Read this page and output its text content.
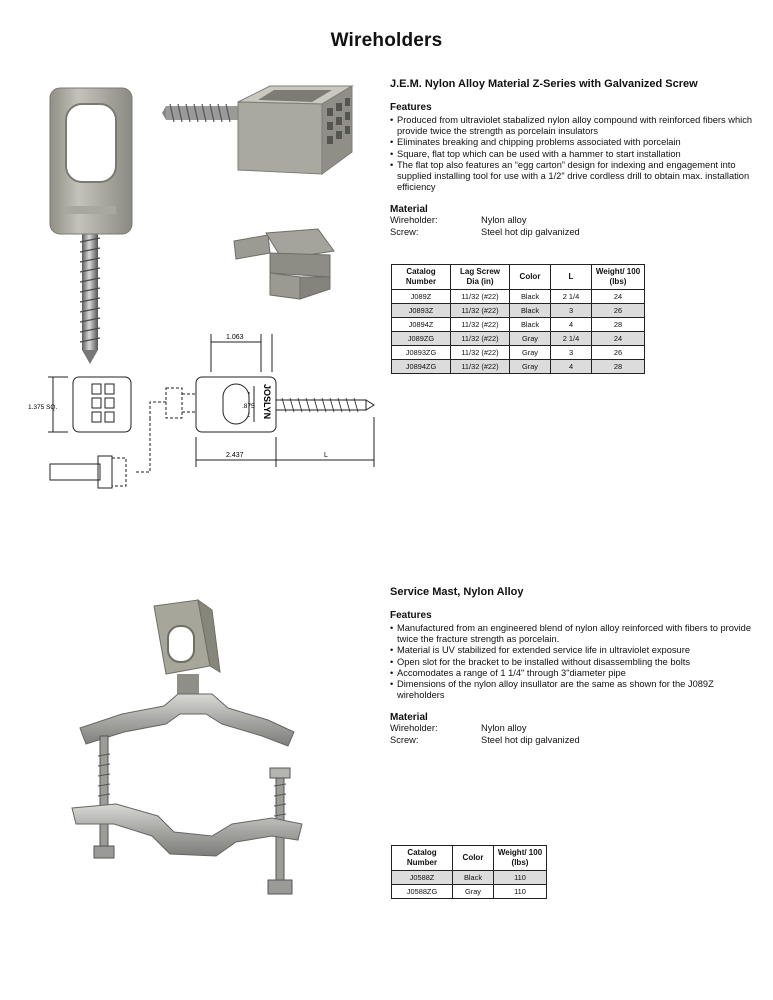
Wireholders
1.063
1.375 SQ.	.875
2.437	L
JOSLYN
J.E.M. Nylon Alloy Material Z-Series with Galvanized Screw
Features
• Produced from ultraviolet stabalized nylon alloy compound with reinforced fibers which provide twice the strength as porcelain insulators
• Eliminates breaking and chipping problems associated with porcelain
• Square, flat top which can be used with a hammer to start installation
• The flat top also features an “egg carton” design for indexing and engagement into supplied installing tool for use with a 1/2" drive cordless drill to obtain max. installation efficiency
Material
Wireholder:	Nylon alloy
Screw:	Steel hot dip galvanized
Catalog Number	Lag Screw Dia (in)	Color	L	Weight/ 100 (lbs)
J089Z	11/32 (#22)	Black	2 1/4	24
J0893Z	11/32 (#22)	Black	3	26
J0894Z	11/32 (#22)	Black	4	28
J089ZG	11/32 (#22)	Gray	2 1/4	24
J0893ZG	11/32 (#22)	Gray	3	26
J0894ZG	11/32 (#22)	Gray	4	28
Service Mast, Nylon Alloy
Features
• Manufactured from an engineered blend of nylon alloy reinforced with fibers to provide twice the fracture strength as porcelain.
• Material is UV stabilized for extended service life in ultraviolet exposure
• Open slot for the bracket to be installed without disassembling the bolts
• Accomodates a range of 1 1/4" through 3"diameter pipe
• Dimensions of the nylon alloy insullator are the same as shown for the J089Z wireholders
Material
Wireholder:	Nylon alloy
Screw:	Steel hot dip galvanized
Catalog Number	Color	Weight/ 100 (lbs)
J0588Z	Black	110
J0588ZG	Gray	110
